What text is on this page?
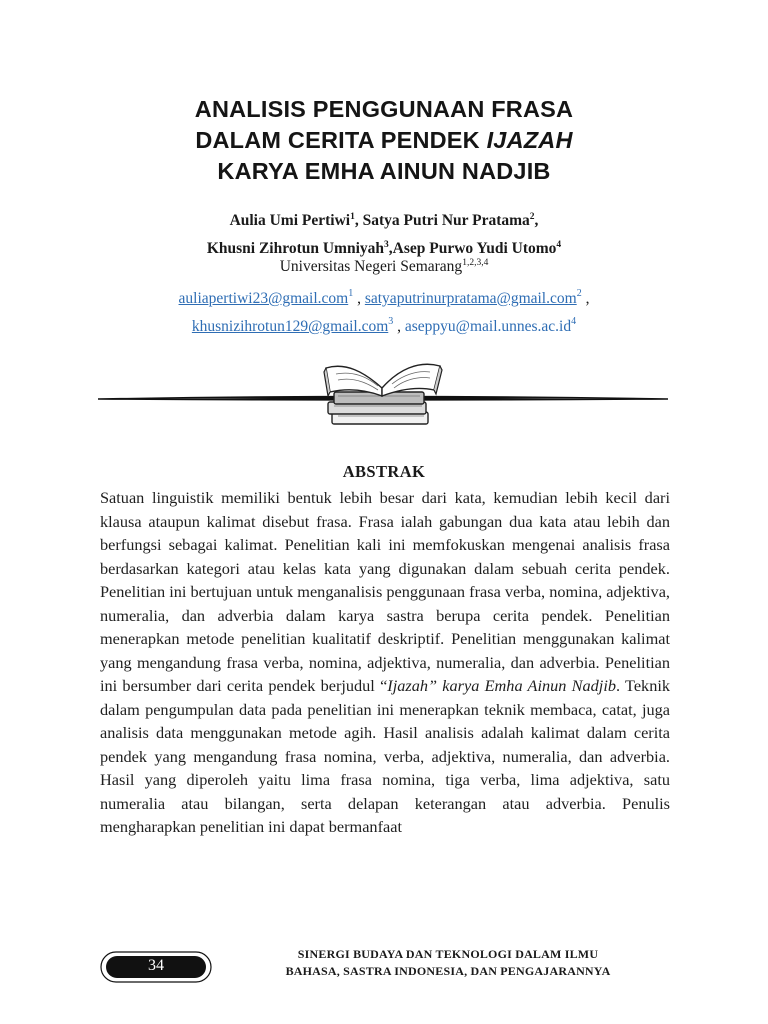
ANALISIS PENGGUNAAN FRASA
DALAM CERITA PENDEK IJAZAH
KARYA EMHA AINUN NADJIB
Aulia Umi Pertiwi$^1$, Satya Putri Nur Pratama$^2$,
Khusni Zihrotun Umniyah$^3$,Asep Purwo Yudi Utomo$^4$
Universitas Negeri Semarang$^{1,2,3,4}$
auliapertiwi23@gmail.com$^1$ , satyaputrinurpratama@gmail.com$^2$ ,
khusnizihrotun129@gmail.com$^3$ , $aseppyu@mail.unnes.ac.id^4$
ABSTRAK
Satuan linguistik memiliki bentuk lebih besar dari kata, kemudian lebih kecil dari klausa ataupun kalimat disebut frasa. Frasa ialah gabungan dua kata atau lebih dan berfungsi sebagai kalimat. Penelitian kali ini memfokuskan mengenai analisis frasa berdasarkan kategori atau kelas kata yang digunakan dalam sebuah cerita pendek. Penelitian ini bertujuan untuk menganalisis penggunaan frasa verba, nomina, adjektiva, numeralia, dan adverbia dalam karya sastra berupa cerita pendek. Penelitian menerapkan metode penelitian kualitatif deskriptif. Penelitian menggunakan kalimat yang mengandung frasa verba, nomina, adjektiva, numeralia, dan adverbia. Penelitian ini bersumber dari cerita pendek berjudul “Ijazah” karya Emha Ainun Nadjib. Teknik dalam pengumpulan data pada penelitian ini menerapkan teknik membaca, catat, juga analisis data menggunakan metode agih. Hasil analisis adalah kalimat dalam cerita pendek yang mengandung frasa nomina, verba, adjektiva, numeralia, dan adverbia. Hasil yang diperoleh yaitu lima frasa nomina, tiga verba, lima adjektiva, satu numeralia atau bilangan, serta delapan keterangan atau adverbia. Penulis mengharapkan penelitian ini dapat bermanfaat
34
SINERGI BUDAYA DAN TEKNOLOGI DALAM ILMU
BAHASA, SASTRA INDONESIA, DAN PENGAJARANNYA
